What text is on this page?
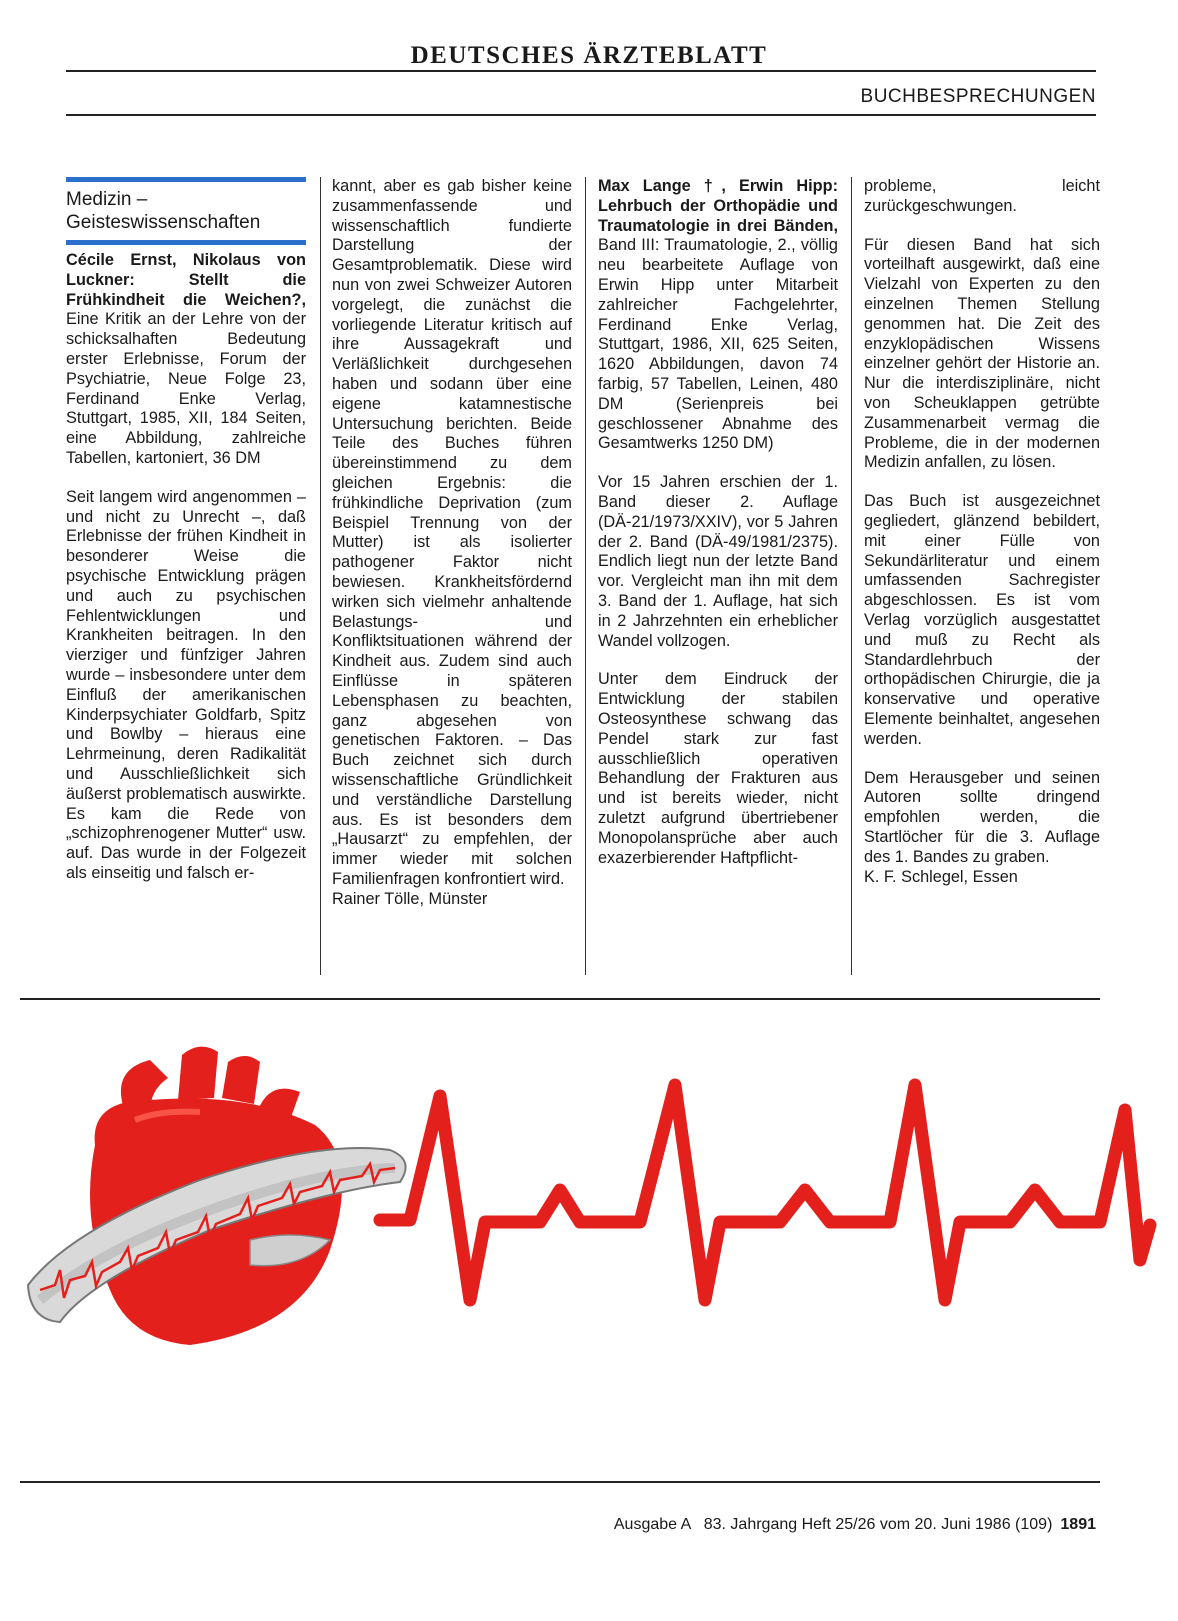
DEUTSCHES ÄRZTEBLATT
BUCHBESPRECHUNGEN
Medizin –
Geisteswissenschaften

Cécile Ernst, Nikolaus von Luckner: Stellt die Frühkindheit die Weichen?, Eine Kritik an der Lehre von der schicksalhaften Bedeutung erster Erlebnisse, Forum der Psychiatrie, Neue Folge 23, Ferdinand Enke Verlag, Stuttgart, 1985, XII, 184 Seiten, eine Abbildung, zahlreiche Tabellen, kartoniert, 36 DM

Seit langem wird angenommen – und nicht zu Unrecht –, daß Erlebnisse der frühen Kindheit in besonderer Weise die psychische Entwicklung prägen und auch zu psychischen Fehlentwicklungen und Krankheiten beitragen. In den vierziger und fünfziger Jahren wurde – insbesondere unter dem Einfluß der amerikanischen Kinderpsychiater Goldfarb, Spitz und Bowlby – hieraus eine Lehrmeinung, deren Radikalität und Ausschließlichkeit sich äußerst problematisch auswirkte. Es kam die Rede von „schizophrenogener Mutter“ usw. auf. Das wurde in der Folgezeit als einseitig und falsch er-

kannt, aber es gab bisher keine zusammenfassende und wissenschaftlich fundierte Darstellung der Gesamtproblematik. Diese wird nun von zwei Schweizer Autoren vorgelegt, die zunächst die vorliegende Literatur kritisch auf ihre Aussagekraft und Verläßlichkeit durchgesehen haben und sodann über eine eigene katamnestische Untersuchung berichten. Beide Teile des Buches führen übereinstimmend zu dem gleichen Ergebnis: die frühkindliche Deprivation (zum Beispiel Trennung von der Mutter) ist als isolierter pathogener Faktor nicht bewiesen. Krankheitsfördernd wirken sich vielmehr anhaltende Belastungs- und Konfliktsituationen während der Kindheit aus. Zudem sind auch Einflüsse in späteren Lebensphasen zu beachten, ganz abgesehen von genetischen Faktoren. – Das Buch zeichnet sich durch wissenschaftliche Gründlichkeit und verständliche Darstellung aus. Es ist besonders dem „Hausarzt“ zu empfehlen, der immer wieder mit solchen Familienfragen konfrontiert wird.

Rainer Tölle, Münster

Max Lange †, Erwin Hipp: Lehrbuch der Orthopädie und Traumatologie in drei Bänden, Band III: Traumatologie, 2., völlig neu bearbeitete Auflage von Erwin Hipp unter Mitarbeit zahlreicher Fachgelehrter, Ferdinand Enke Verlag, Stuttgart, 1986, XII, 625 Seiten, 1620 Abbildungen, davon 74 farbig, 57 Tabellen, Leinen, 480 DM (Serienpreis bei geschlossener Abnahme des Gesamtwerks 1250 DM)

Vor 15 Jahren erschien der 1. Band dieser 2. Auflage (DÄ-21/1973/XXIV), vor 5 Jahren der 2. Band (DÄ-49/1981/2375). Endlich liegt nun der letzte Band vor. Vergleicht man ihn mit dem 3. Band der 1. Auflage, hat sich in 2 Jahrzehnten ein erheblicher Wandel vollzogen.

Unter dem Eindruck der Entwicklung der stabilen Osteosynthese schwang das Pendel stark zur fast ausschließlich operativen Behandlung der Frakturen aus und ist bereits wieder, nicht zuletzt aufgrund übertriebener Monopolansprüche aber auch exazerbierender Haftpflicht-

probleme, leicht zurückgeschwungen.

Für diesen Band hat sich vorteilhaft ausgewirkt, daß eine Vielzahl von Experten zu den einzelnen Themen Stellung genommen hat. Die Zeit des enzyklopädischen Wissens einzelner gehört der Historie an. Nur die interdisziplinäre, nicht von Scheuklappen getrübte Zusammenarbeit vermag die Probleme, die in der modernen Medizin anfallen, zu lösen.

Das Buch ist ausgezeichnet gegliedert, glänzend bebildert, mit einer Fülle von Sekundärliteratur und einem umfassenden Sachregister abgeschlossen. Es ist vom Verlag vorzüglich ausgestattet und muß zu Recht als Standardlehrbuch der orthopädischen Chirurgie, die ja konservative und operative Elemente beinhaltet, angesehen werden.

Dem Herausgeber und seinen Autoren sollte dringend empfohlen werden, die Startlöcher für die 3. Auflage des 1. Bandes zu graben.

K. F. Schlegel, Essen

Ausgabe A   83. Jahrgang Heft 25/26 vom 20. Juni 1986 (109) 1891
